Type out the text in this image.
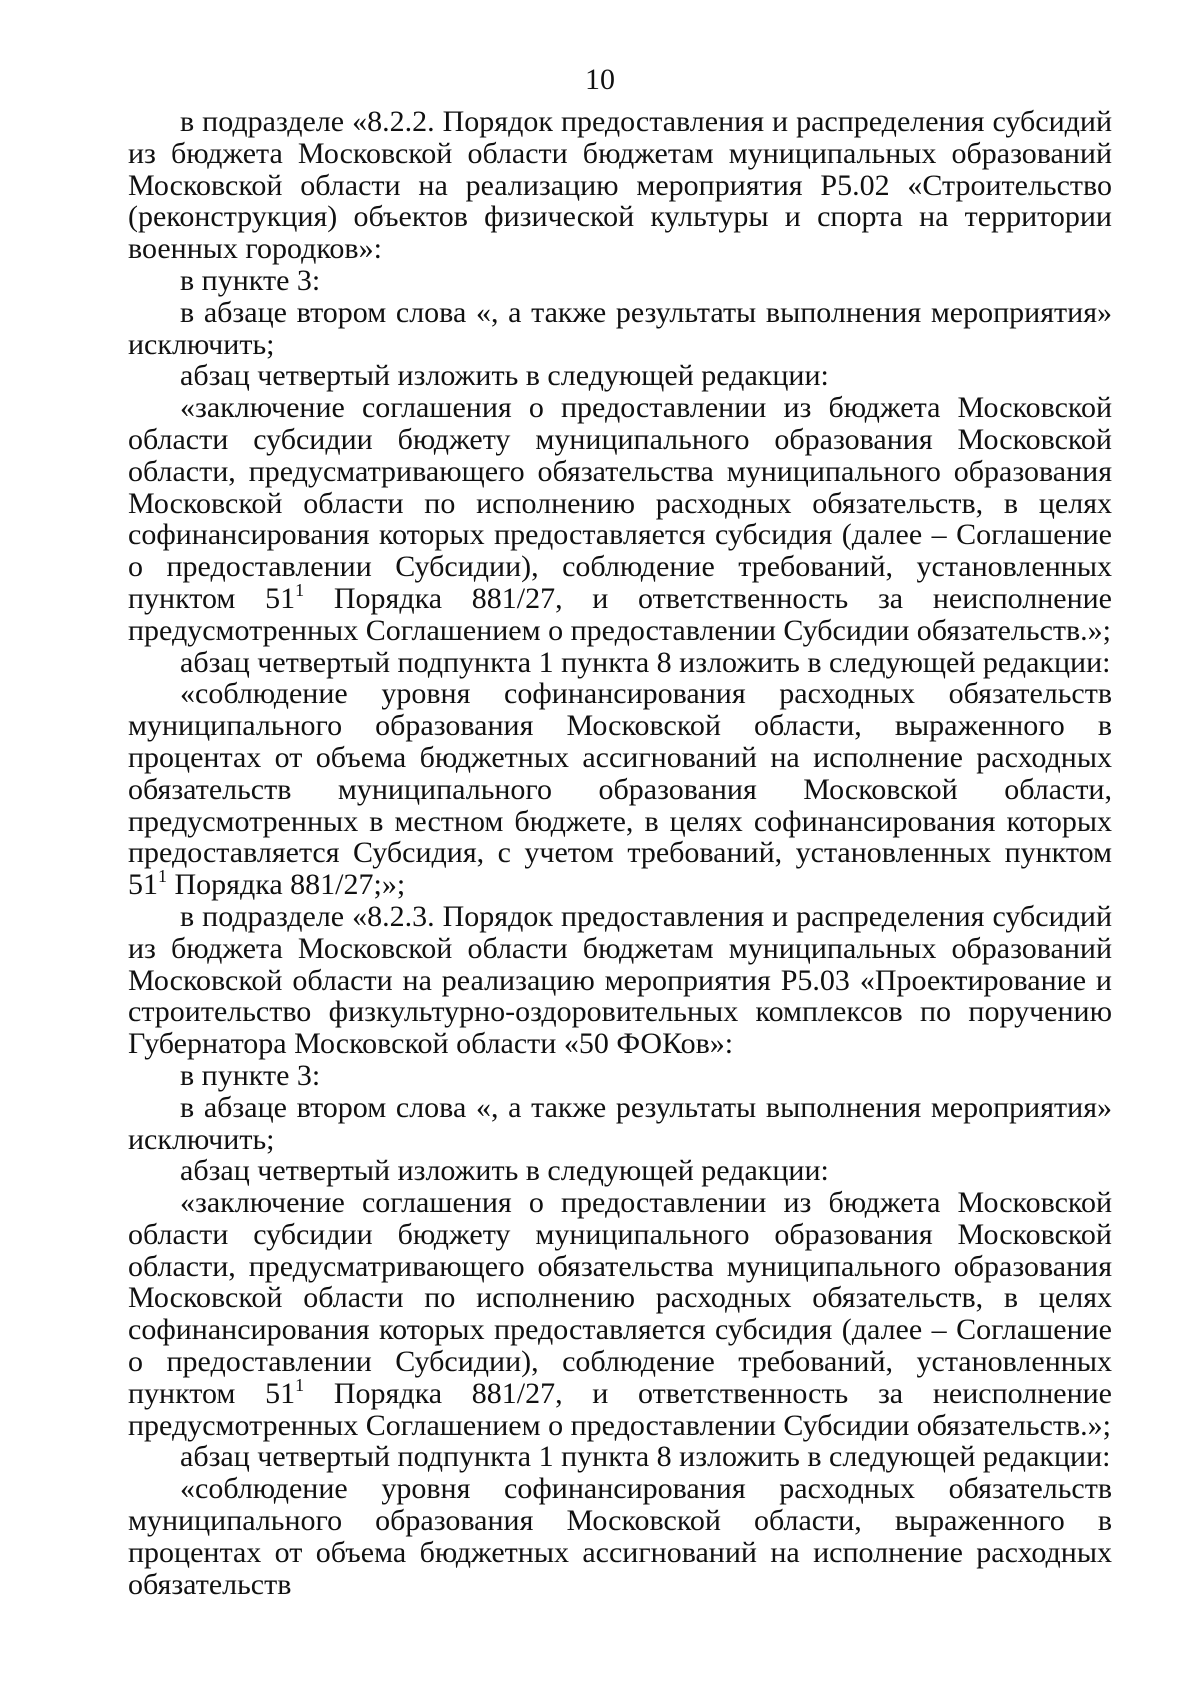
10

в подразделе «8.2.2. Порядок предоставления и распределения субсидий из бюджета Московской области бюджетам муниципальных образований Московской области на реализацию мероприятия Р5.02 «Строительство (реконструкция) объектов физической культуры и спорта на территории военных городков»:

в пункте 3:

в абзаце втором слова «, а также результаты выполнения мероприятия» исключить;

абзац четвертый изложить в следующей редакции:

«заключение соглашения о предоставлении из бюджета Московской области субсидии бюджету муниципального образования Московской области, предусматривающего обязательства муниципального образования Московской области по исполнению расходных обязательств, в целях софинансирования которых предоставляется субсидия (далее – Соглашение о предоставлении Субсидии), соблюдение требований, установленных пунктом $51^1$ Порядка 881/27, и ответственность за неисполнение предусмотренных Соглашением о предоставлении Субсидии обязательств.»;

абзац четвертый подпункта 1 пункта 8 изложить в следующей редакции:

«соблюдение уровня софинансирования расходных обязательств муниципального образования Московской области, выраженного в процентах от объема бюджетных ассигнований на исполнение расходных обязательств муниципального образования Московской области, предусмотренных в местном бюджете, в целях софинансирования которых предоставляется Субсидия, с учетом требований, установленных пунктом $51^1$ Порядка 881/27;»;

в подразделе «8.2.3. Порядок предоставления и распределения субсидий из бюджета Московской области бюджетам муниципальных образований Московской области на реализацию мероприятия Р5.03 «Проектирование и строительство физкультурно-оздоровительных комплексов по поручению Губернатора Московской области «50 ФОКов»:

в пункте 3:

в абзаце втором слова «, а также результаты выполнения мероприятия» исключить;

абзац четвертый изложить в следующей редакции:

«заключение соглашения о предоставлении из бюджета Московской области субсидии бюджету муниципального образования Московской области, предусматривающего обязательства муниципального образования Московской области по исполнению расходных обязательств, в целях софинансирования которых предоставляется субсидия (далее – Соглашение о предоставлении Субсидии), соблюдение требований, установленных пунктом $51^1$ Порядка 881/27, и ответственность за неисполнение предусмотренных Соглашением о предоставлении Субсидии обязательств.»;

абзац четвертый подпункта 1 пункта 8 изложить в следующей редакции:

«соблюдение уровня софинансирования расходных обязательств муниципального образования Московской области, выраженного в процентах от объема бюджетных ассигнований на исполнение расходных обязательств
